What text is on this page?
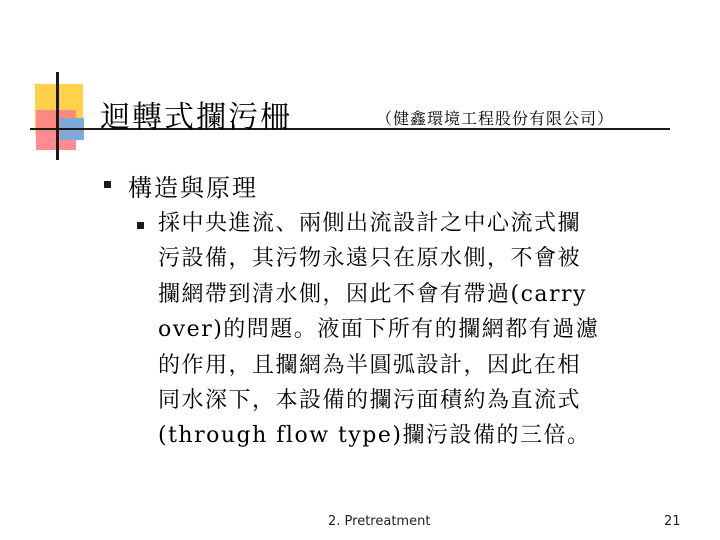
迴轉式攔污柵	（健鑫環境工程股份有限公司）
構造與原理
採中央進流、兩側出流設計之中心流式攔
污設備，其污物永遠只在原水側，不會被
攔網帶到清水側，因此不會有帶過(carry
over)的問題。液面下所有的攔網都有過濾
的作用，且攔網為半圓弧設計，因此在相
同水深下，本設備的攔污面積約為直流式
(through flow type)攔污設備的三倍。
2. Pretreatment	21
